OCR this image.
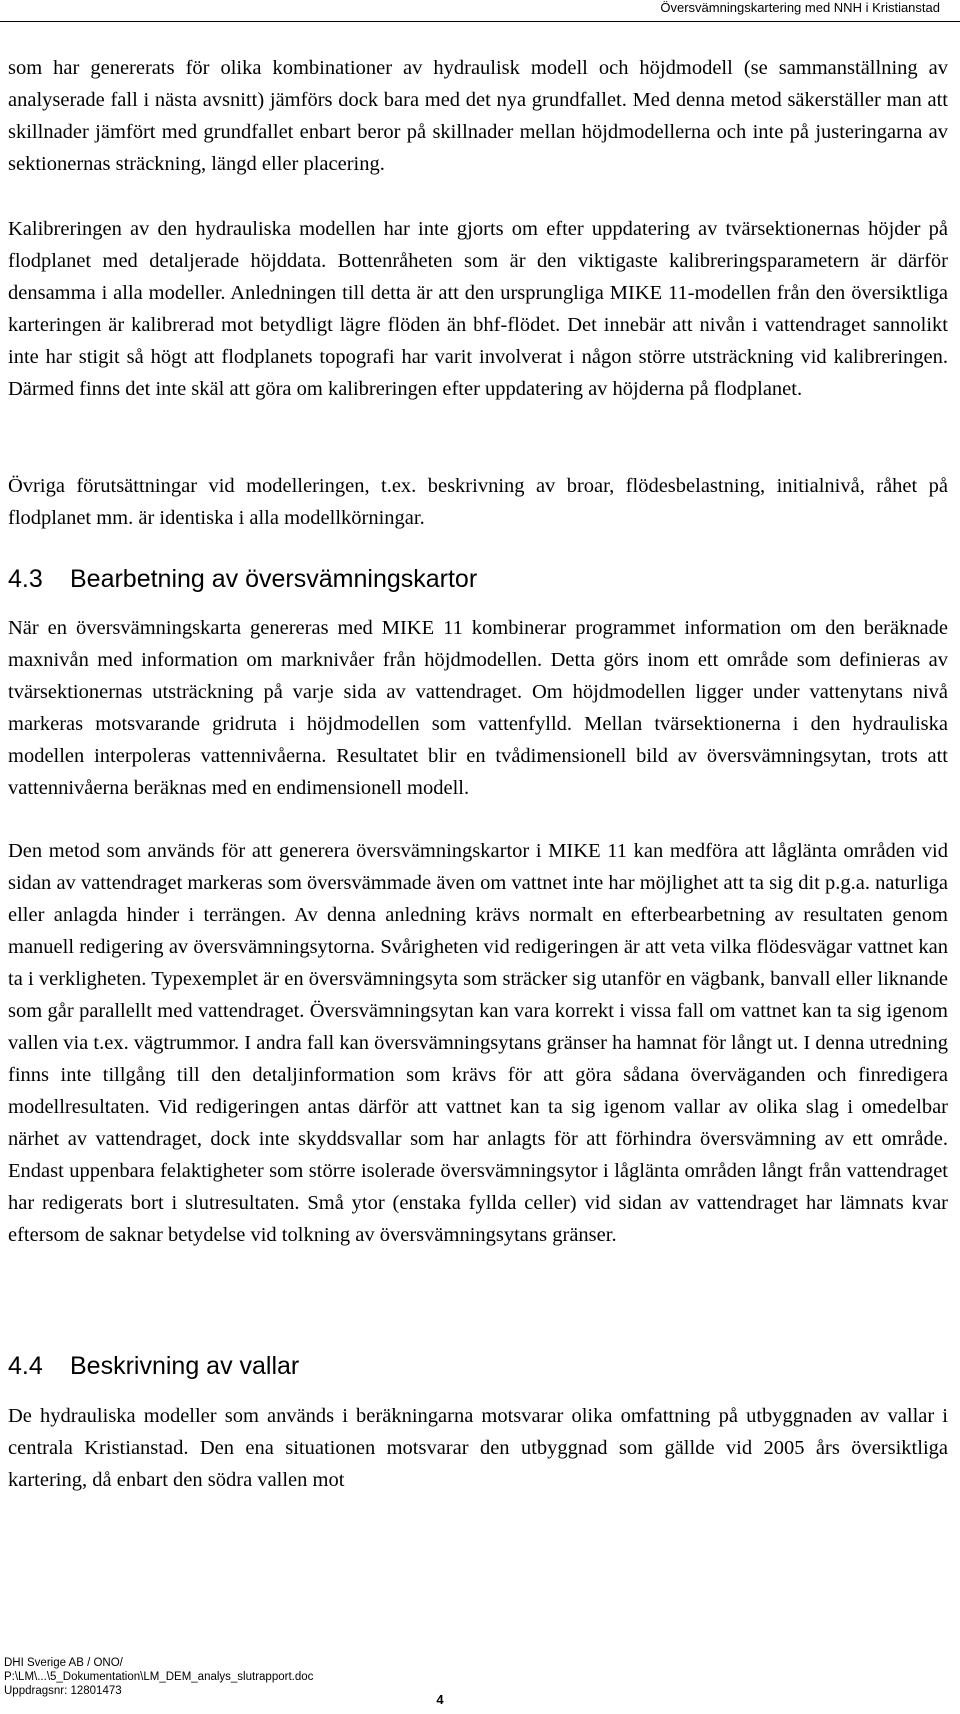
Översvämningskartering med NNH i Kristianstad

som har genererats för olika kombinationer av hydraulisk modell och höjdmodell (se sammanställning av analyserade fall i nästa avsnitt) jämförs dock bara med det nya grundfallet. Med denna metod säkerställer man att skillnader jämfört med grundfallet enbart beror på skillnader mellan höjdmodellerna och inte på justeringarna av sektionernas sträckning, längd eller placering.

Kalibreringen av den hydrauliska modellen har inte gjorts om efter uppdatering av tvärsektionernas höjder på flodplanet med detaljerade höjddata. Bottenråheten som är den viktigaste kalibreringsparametern är därför densamma i alla modeller. Anledningen till detta är att den ursprungliga MIKE 11-modellen från den översiktliga karteringen är kalibrerad mot betydligt lägre flöden än bhf-flödet. Det innebär att nivån i vattendraget sannolikt inte har stigit så högt att flodplanets topografi har varit involverat i någon större utsträckning vid kalibreringen. Därmed finns det inte skäl att göra om kalibreringen efter uppdatering av höjderna på flodplanet.

Övriga förutsättningar vid modelleringen, t.ex. beskrivning av broar, flödesbelastning, initialnivå, råhet på flodplanet mm. är identiska i alla modellkörningar.

4.3 Bearbetning av översvämningskartor

När en översvämningskarta genereras med MIKE 11 kombinerar programmet information om den beräknade maxnivån med information om marknivåer från höjdmodellen. Detta görs inom ett område som definieras av tvärsektionernas utsträckning på varje sida av vattendraget. Om höjdmodellen ligger under vattenytans nivå markeras motsvarande gridruta i höjdmodellen som vattenfylld. Mellan tvärsektionerna i den hydrauliska modellen interpoleras vattennivåerna. Resultatet blir en tvådimensionell bild av översvämningsytan, trots att vattennivåerna beräknas med en endimensionell modell.

Den metod som används för att generera översvämningskartor i MIKE 11 kan medföra att låglänta områden vid sidan av vattendraget markeras som översvämmade även om vattnet inte har möjlighet att ta sig dit p.g.a. naturliga eller anlagda hinder i terrängen. Av denna anledning krävs normalt en efterbearbetning av resultaten genom manuell redigering av översvämningsytorna. Svårigheten vid redigeringen är att veta vilka flödesvägar vattnet kan ta i verkligheten. Typexemplet är en översvämningsyta som sträcker sig utanför en vägbank, banvall eller liknande som går parallellt med vattendraget. Översvämningsytan kan vara korrekt i vissa fall om vattnet kan ta sig igenom vallen via t.ex. vägtrummor. I andra fall kan översvämningsytans gränser ha hamnat för långt ut. I denna utredning finns inte tillgång till den detaljinformation som krävs för att göra sådana överväganden och finredigera modellresultaten. Vid redigeringen antas därför att vattnet kan ta sig igenom vallar av olika slag i omedelbar närhet av vattendraget, dock inte skyddsvallar som har anlagts för att förhindra översvämning av ett område. Endast uppenbara felaktigheter som större isolerade översvämningsytor i låglänta områden långt från vattendraget har redigerats bort i slutresultaten. Små ytor (enstaka fyllda celler) vid sidan av vattendraget har lämnats kvar eftersom de saknar betydelse vid tolkning av översvämningsytans gränser.

4.4 Beskrivning av vallar

De hydrauliska modeller som används i beräkningarna motsvarar olika omfattning på utbyggnaden av vallar i centrala Kristianstad. Den ena situationen motsvarar den utbyggnad som gällde vid 2005 års översiktliga kartering, då enbart den södra vallen mot

DHI Sverige AB / ONO/
P:\LM\...\5_Dokumentation\LM_DEM_analys_slutrapport.doc
Uppdragsnr: 12801473
4
